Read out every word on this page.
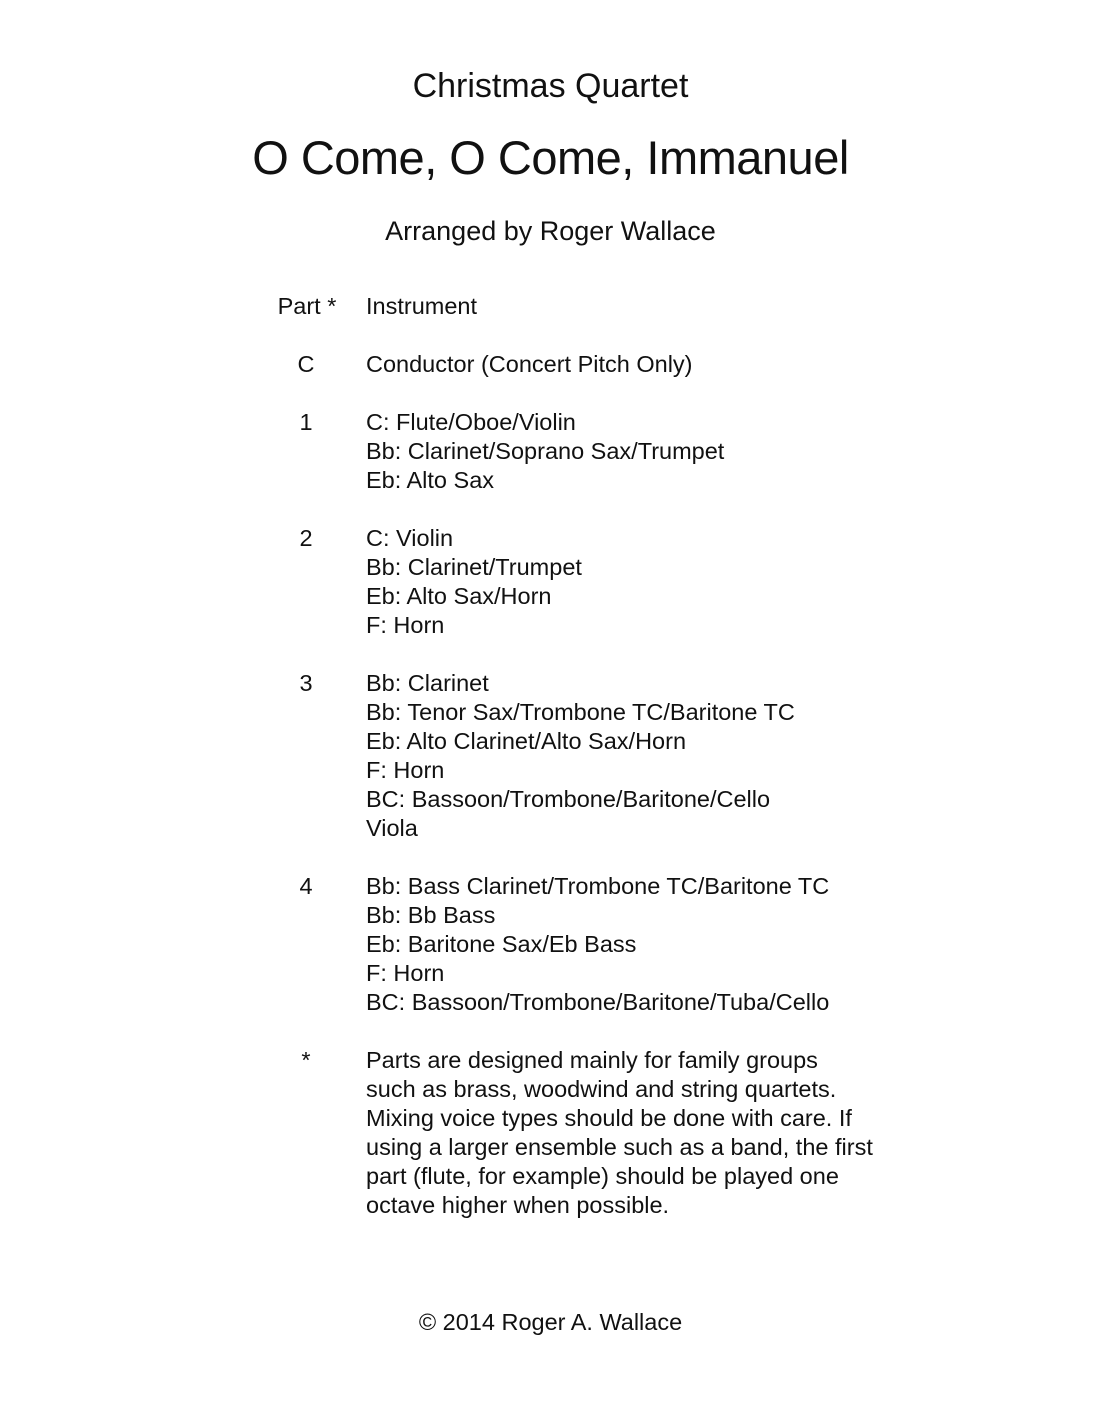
Christmas Quartet
O Come, O Come, Immanuel
Arranged by Roger Wallace
Part *	Instrument
C	Conductor (Concert Pitch Only)
1	C: Flute/Oboe/Violin
Bb: Clarinet/Soprano Sax/Trumpet
Eb: Alto Sax
2	C: Violin
Bb: Clarinet/Trumpet
Eb: Alto Sax/Horn
F: Horn
3	Bb: Clarinet
Bb: Tenor Sax/Trombone TC/Baritone TC
Eb: Alto Clarinet/Alto Sax/Horn
F: Horn
BC: Bassoon/Trombone/Baritone/Cello
Viola
4	Bb: Bass Clarinet/Trombone TC/Baritone TC
Bb: Bb Bass
Eb: Baritone Sax/Eb Bass
F: Horn
BC: Bassoon/Trombone/Baritone/Tuba/Cello
*	Parts are designed mainly for family groups
such as brass, woodwind and string quartets.
Mixing voice types should be done with care. If
using a larger ensemble such as a band, the first
part (flute, for example) should be played one
octave higher when possible.
© 2014 Roger A. Wallace
